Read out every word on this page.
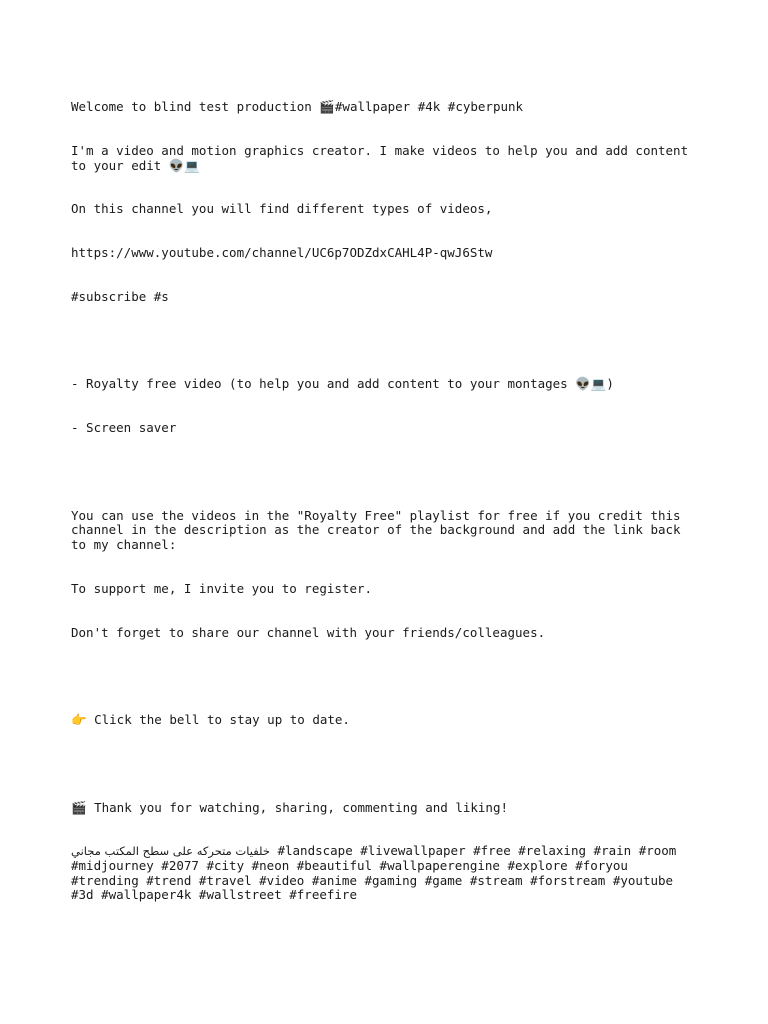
Welcome to blind test production 🎬#wallpaper #4k #cyberpunk

I'm a video and motion graphics creator. I make videos to help you and add content to your edit 👽💻

On this channel you will find different types of videos,

https://www.youtube.com/channel/UC6p7ODZdxCAHL4P-qwJ6Stw

#subscribe #s

- Royalty free video (to help you and add content to your montages 👽💻)

- Screen saver

You can use the videos in the "Royalty Free" playlist for free if you credit this channel in the description as the creator of the background and add the link back to my channel:

To support me, I invite you to register.

Don't forget to share our channel with your friends/colleagues.

👉 Click the bell to stay up to date.

🎬 Thank you for watching, sharing, commenting and liking!

خلفيات متحركه على سطح المكتب مجاني #landscape #livewallpaper #free #relaxing #rain #room #midjourney #2077 #city #neon #beautiful #wallpaperengine #explore #foryou #trending #trend #travel #video #anime #gaming #game #stream #forstream #youtube #3d #wallpaper4k #wallstreet #freefire
